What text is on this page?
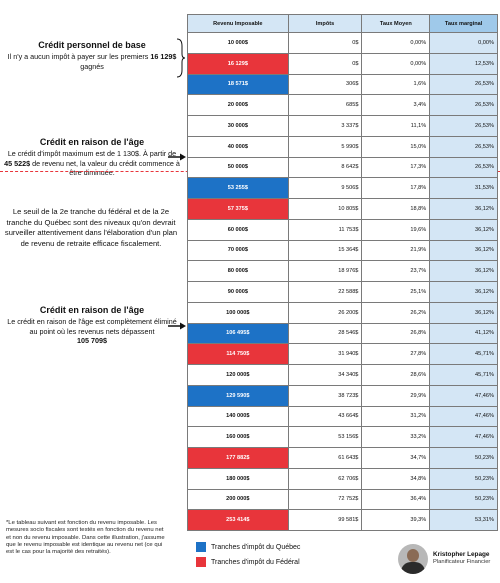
Crédit personnel de base

Il n'y a aucun impôt à payer sur les premiers 16 129$ gagnés

Crédit en raison de l'âge

Le crédit d'impôt maximum est de 1 130$. À partir de 45 522$ de revenu net, la valeur du crédit commence à être diminuée.

Le seuil de la 2e tranche du fédéral et de la 2e tranche du Québec sont des niveaux qu'on devrait surveiller attentivement dans l'élaboration d'un plan de revenu de retraite efficace fiscalement.

Crédit en raison de l'âge

Le crédit en raison de l'âge est complètement éliminé au point où les revenus nets dépassent
105 709$

*Le tableau suivant est fonction du revenu imposable. Les mesures socio fiscales sont testés en fonction du revenu net et non du revenu imposable. Dans cette illustration, j'assume que le revenu imposable est identique au revenu net (ce qui est le cas pour la majorité des retraités).
Revenu Imposable	Impôts	Taux Moyen	Taux marginal
10 000$	0$	0,00%	0,00%
16 129$	0$	0,00%	12,53%
18 571$	306$	1,6%	26,53%
20 000$	685$	3,4%	26,53%
30 000$	3 337$	11,1%	26,53%
40 000$	5 990$	15,0%	26,53%
50 000$	8 642$	17,3%	26,53%
53 255$	9 506$	17,8%	31,53%
57 375$	10 805$	18,8%	36,12%
60 000$	11 753$	19,6%	36,12%
70 000$	15 364$	21,9%	36,12%
80 000$	18 976$	23,7%	36,12%
90 000$	22 588$	25,1%	36,12%
100 000$	26 200$	26,2%	36,12%
106 495$	28 546$	26,8%	41,12%
114 750$	31 940$	27,8%	45,71%
120 000$	34 340$	28,6%	45,71%
129 590$	38 723$	29,9%	47,46%
140 000$	43 664$	31,2%	47,46%
160 000$	53 156$	33,2%	47,46%
177 882$	61 643$	34,7%	50,23%
180 000$	62 706$	34,8%	50,23%
200 000$	72 752$	36,4%	50,23%
253 414$	99 581$	39,3%	53,31%
Tranches d'impôt du Québec
Tranches d'impôt du Fédéral
Kristopher Lepage
Planificateur Financier
